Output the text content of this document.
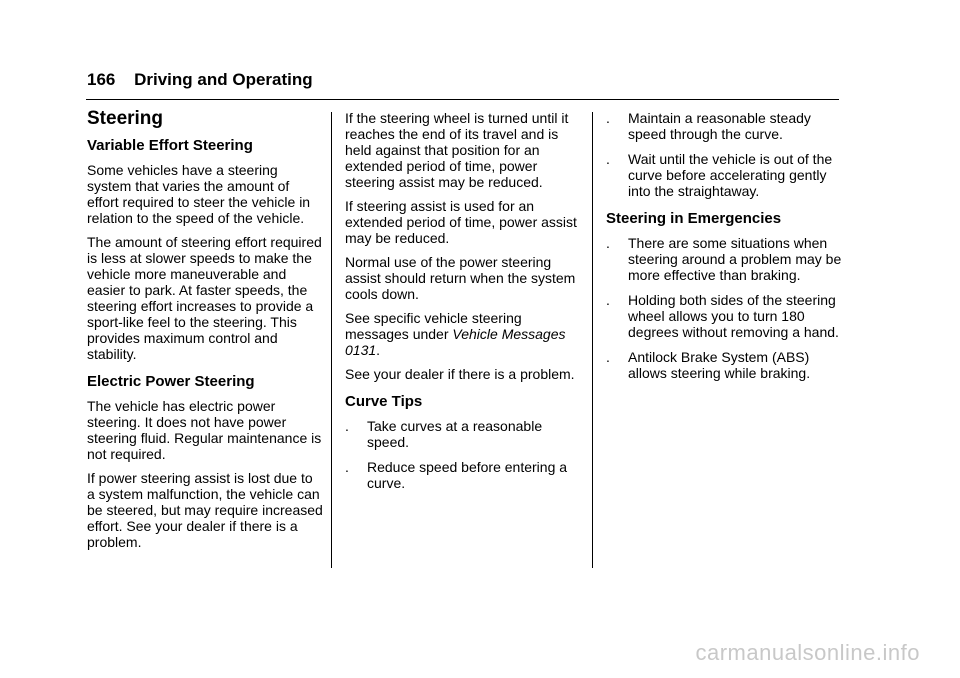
166 Driving and Operating
Steering
Variable Effort Steering

Some vehicles have a steering system that varies the amount of effort required to steer the vehicle in relation to the speed of the vehicle.

The amount of steering effort required is less at slower speeds to make the vehicle more maneuverable and easier to park. At faster speeds, the steering effort increases to provide a sport-like feel to the steering. This provides maximum control and stability.

Electric Power Steering

The vehicle has electric power steering. It does not have power steering fluid. Regular maintenance is not required.

If power steering assist is lost due to a system malfunction, the vehicle can be steered, but may require increased effort. See your dealer if there is a problem.

If the steering wheel is turned until it reaches the end of its travel and is held against that position for an extended period of time, power steering assist may be reduced.

If steering assist is used for an extended period of time, power assist may be reduced.

Normal use of the power steering assist should return when the system cools down.

See specific vehicle steering messages under Vehicle Messages 0131.

See your dealer if there is a problem.

Curve Tips
. Take curves at a reasonable speed.
. Reduce speed before entering a curve.
. Maintain a reasonable steady speed through the curve.
. Wait until the vehicle is out of the curve before accelerating gently into the straightaway.
Steering in Emergencies
. There are some situations when steering around a problem may be more effective than braking.
. Holding both sides of the steering wheel allows you to turn 180 degrees without removing a hand.
. Antilock Brake System (ABS) allows steering while braking.
carmanualsonline.info
